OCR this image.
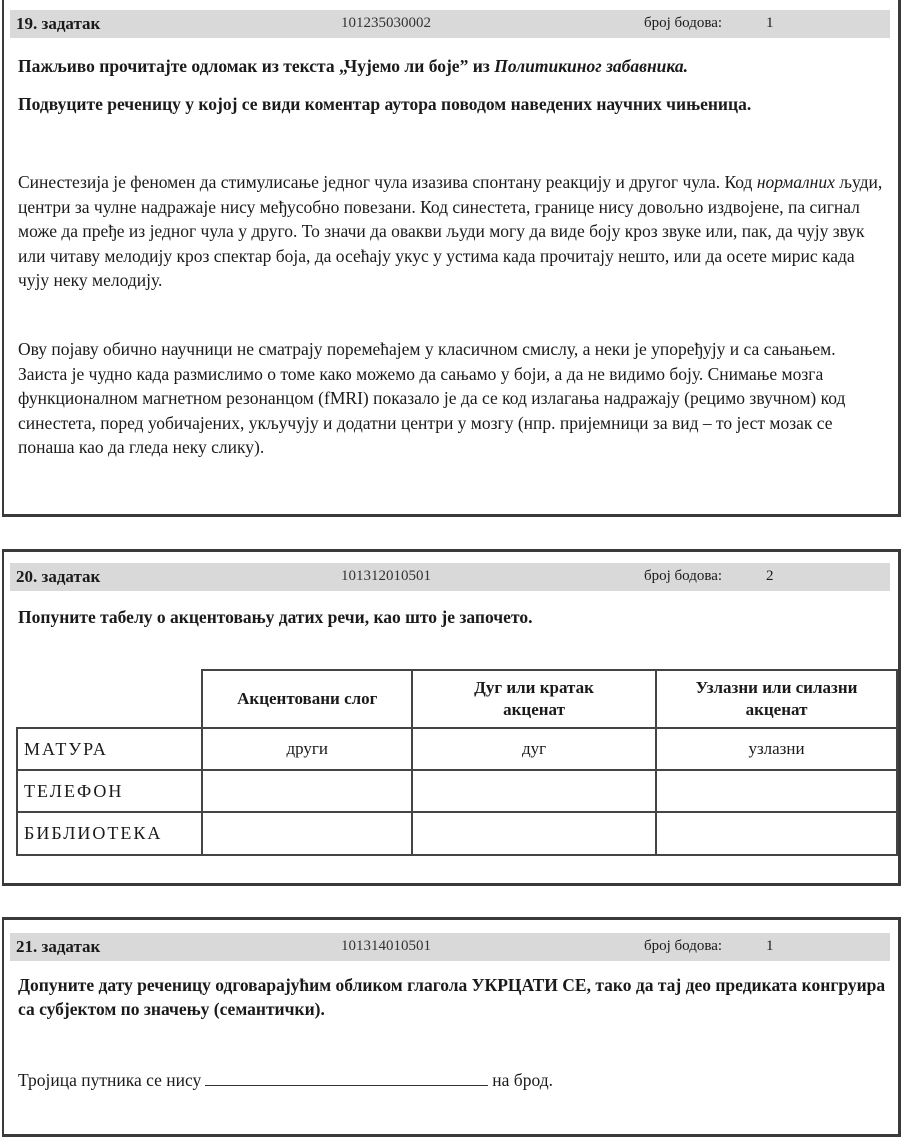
19. задатак	101235030002	број бодова:	1
Пажљиво прочитајте одломак из текста „Чујемо ли боје” из Политикиног забавника.
Подвуците реченицу у којој се види коментар аутора поводом наведених научних чињеница.
Синестезија је феномен да стимулисање једног чула изазива спонтану реакцију и другог чула. Код нормалних људи, центри за чулне надражаје нису међусобно повезани. Код синестета, границе нису довољно издвојене, па сигнал може да пређе из једног чула у друго. То значи да овакви људи могу да виде боју кроз звуке или, пак, да чују звук или читаву мелодију кроз спектар боја, да осећају укус у устима када прочитају нешто, или да осете мирис када чују неку мелодију.
Ову појаву обично научници не сматрају поремећајем у класичном смислу, а неки је упоређују и са сањањем. Заиста је чудно када размислимо о томе како можемо да сањамо у боји, а да не видимо боју. Снимање мозга функционалном магнетном резонанцом (fMRI) показало је да се код излагања надражају (рецимо звучном) код синестета, поред уобичајених, укључују и додатни центри у мозгу (нпр. пријемници за вид – то јест мозак се понаша као да гледа неку слику).
20. задатак	101312010501	број бодова:	2
Попуните табелу о акцентовању датих речи, као што је започето.
	Акцентовани слог	Дуг или кратак акценат	Узлазни или силазни акценат
МАТУРА	други	дуг	узлазни
ТЕЛЕФОН			
БИБЛИОТЕКА			
21. задатак	101314010501	број бодова:	1
Допуните дату реченицу одговарајућим обликом глагола УКРЦАТИ СЕ, тако да тај део предиката конгруира са субјектом по значењу (семантички).
Тројица путника се нису	на брод.
